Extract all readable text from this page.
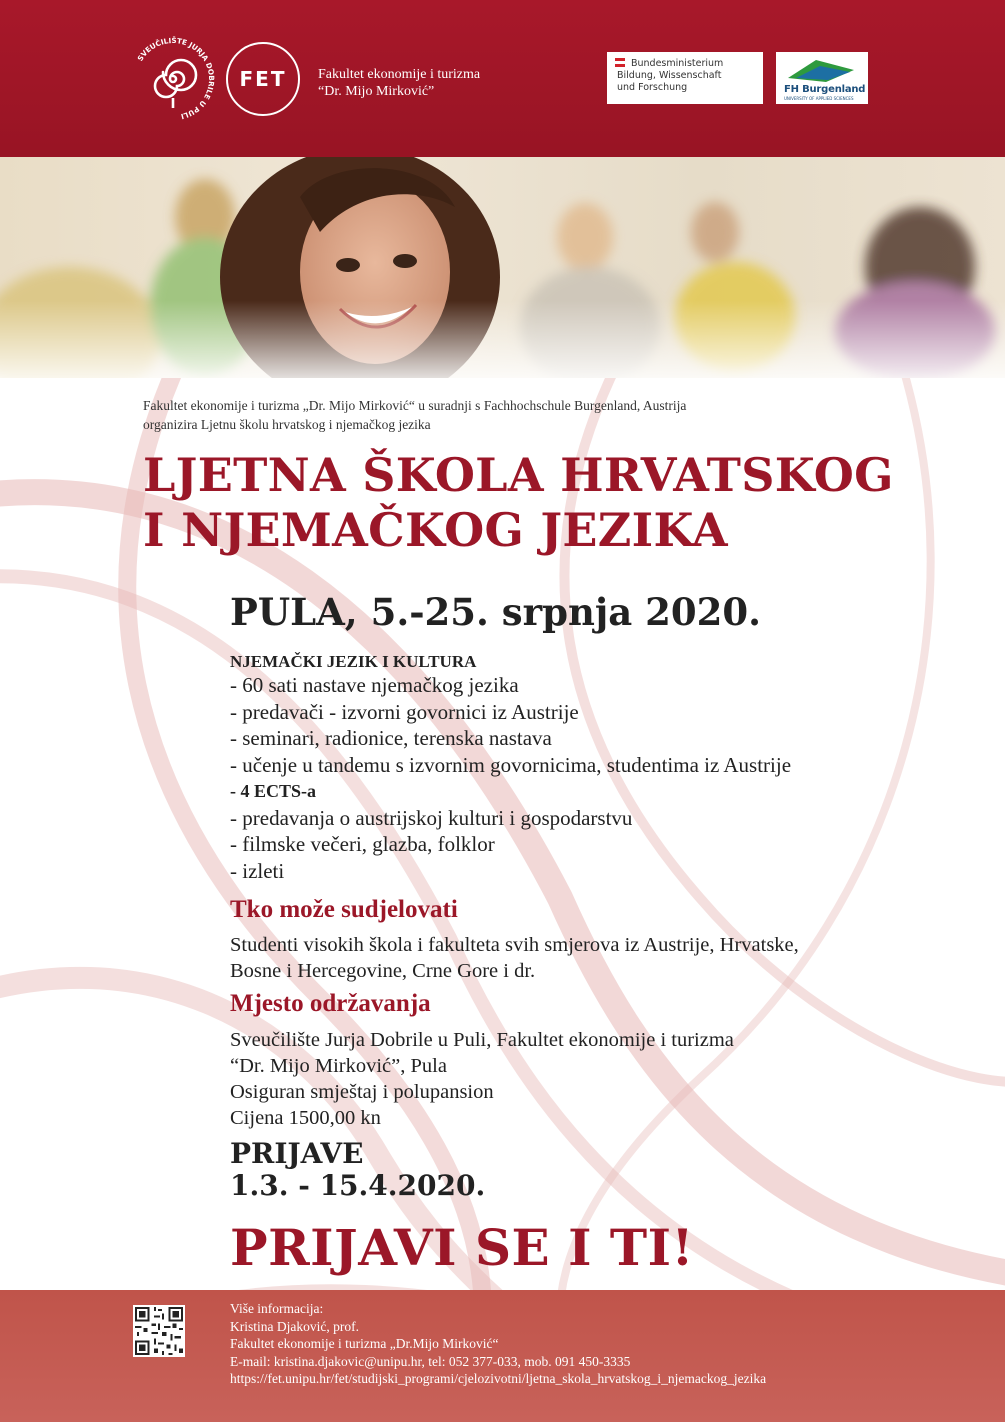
SVEUČILIŠTE JURJA DOBRILE U PULI
FET	Fakultet ekonomije i turizma
“Dr. Mijo Mirković”
Bundesministerium
Bildung, Wissenschaft
und Forschung	FH Burgenland
UNIVERSITY OF APPLIED SCIENCES
Fakultet ekonomije i turizma „Dr. Mijo Mirković“ u suradnji s Fachhochschule Burgenland, Austrija
organizira Ljetnu školu hrvatskog i njemačkog jezika
LJETNA ŠKOLA HRVATSKOG
I NJEMAČKOG JEZIKA
PULA, 5.-25. srpnja 2020.
NJEMAČKI JEZIK I KULTURA
- 60 sati nastave njemačkog jezika
- predavači - izvorni govornici iz Austrije
- seminari, radionice, terenska nastava
- učenje u tandemu s izvornim govornicima, studentima iz Austrije
- 4 ECTS-a
- predavanja o austrijskoj kulturi i gospodarstvu
- filmske večeri, glazba, folklor
- izleti
Tko može sudjelovati
Studenti visokih škola i fakulteta svih smjerova iz Austrije, Hrvatske,
Bosne i Hercegovine, Crne Gore i dr.
Mjesto održavanja
Sveučilište Jurja Dobrile u Puli, Fakultet ekonomije i turizma
“Dr. Mijo Mirković”, Pula
Osiguran smještaj i polupansion
Cijena 1500,00 kn
PRIJAVE
1.3. - 15.4.2020.
PRIJAVI SE I TI!
Više informacija:
Kristina Djaković, prof.
Fakultet ekonomije i turizma „Dr.Mijo Mirković“
E-mail: kristina.djakovic@unipu.hr, tel: 052 377-033, mob. 091 450-3335
https://fet.unipu.hr/fet/studijski_programi/cjelozivotni/ljetna_skola_hrvatskog_i_njemackog_jezika
